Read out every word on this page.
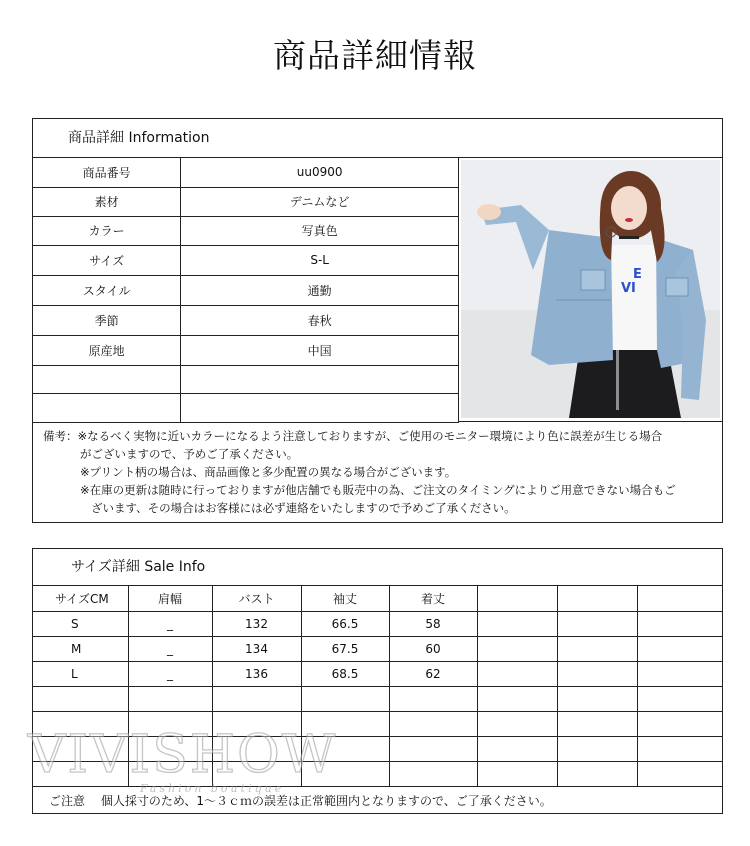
商品詳細情報
商品詳細 Information
商品番号	uu0900
素材	デニムなど
カラー	写真色
サイズ	S-L
スタイル	通勤
季節	春秋
原産地	中国

E
VI
備考：※なるべく実物に近いカラーになるよう注意しておりますが、ご使用のモニター環境により色に誤差が生じる場合
がございますので、予めご了承ください。
※プリント柄の場合は、商品画像と多少配置の異なる場合がございます。
※在庫の更新は随時に行っておりますが他店舗でも販売中の為、ご注文のタイミングによりご用意できない場合もご
ざいます、その場合はお客様には必ず連絡をいたしますので予めご了承ください。
サイズ詳細 Sale Info
サイズCM	肩幅	バスト	袖丈	着丈			
S	_	132	66.5	58			
M	_	134	67.5	60			
L	_	136	68.5	62			

ご注意 個人採寸のため、1～３ｃｍの誤差は正常範囲内となりますので、ご了承ください。
VIVISHOW
Fashion boutique
